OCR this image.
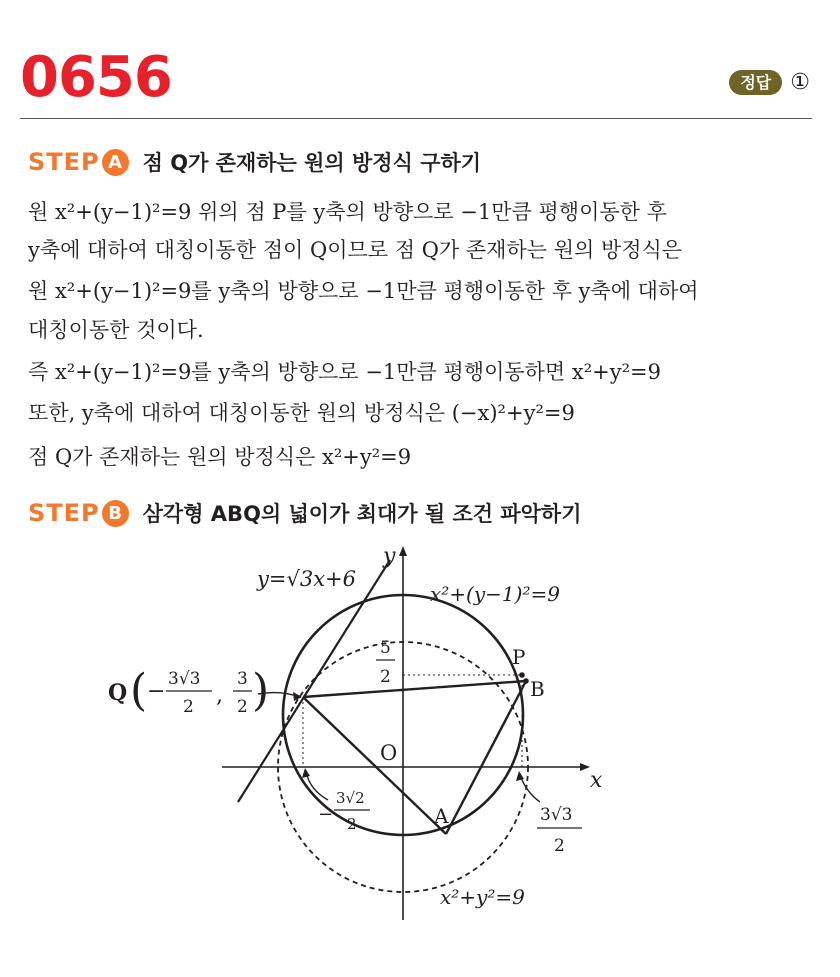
0656	정답 ①
STEP A 점 Q가 존재하는 원의 방정식 구하기
원 x²+(y−1)²=9 위의 점 P를 y축의 방향으로 −1만큼 평행이동한 후
y축에 대하여 대칭이동한 점이 Q이므로 점 Q가 존재하는 원의 방정식은
원 x²+(y−1)²=9를 y축의 방향으로 −1만큼 평행이동한 후 y축에 대하여
대칭이동한 것이다.
즉 x²+(y−1)²=9를 y축의 방향으로 −1만큼 평행이동하면 x²+y²=9
또한, y축에 대하여 대칭이동한 원의 방정식은 (−x)²+y²=9
점 Q가 존재하는 원의 방정식은 x²+y²=9
STEP B 삼각형 ABQ의 넓이가 최대가 될 조건 파악하기
x
y
O
y=√3x+6
x²+(y−1)²=9
x²+y²=9
P
B
A
Q ( − 3√3
2 ,
3
2 )
5
2
−
3√2
2	3√3
2
